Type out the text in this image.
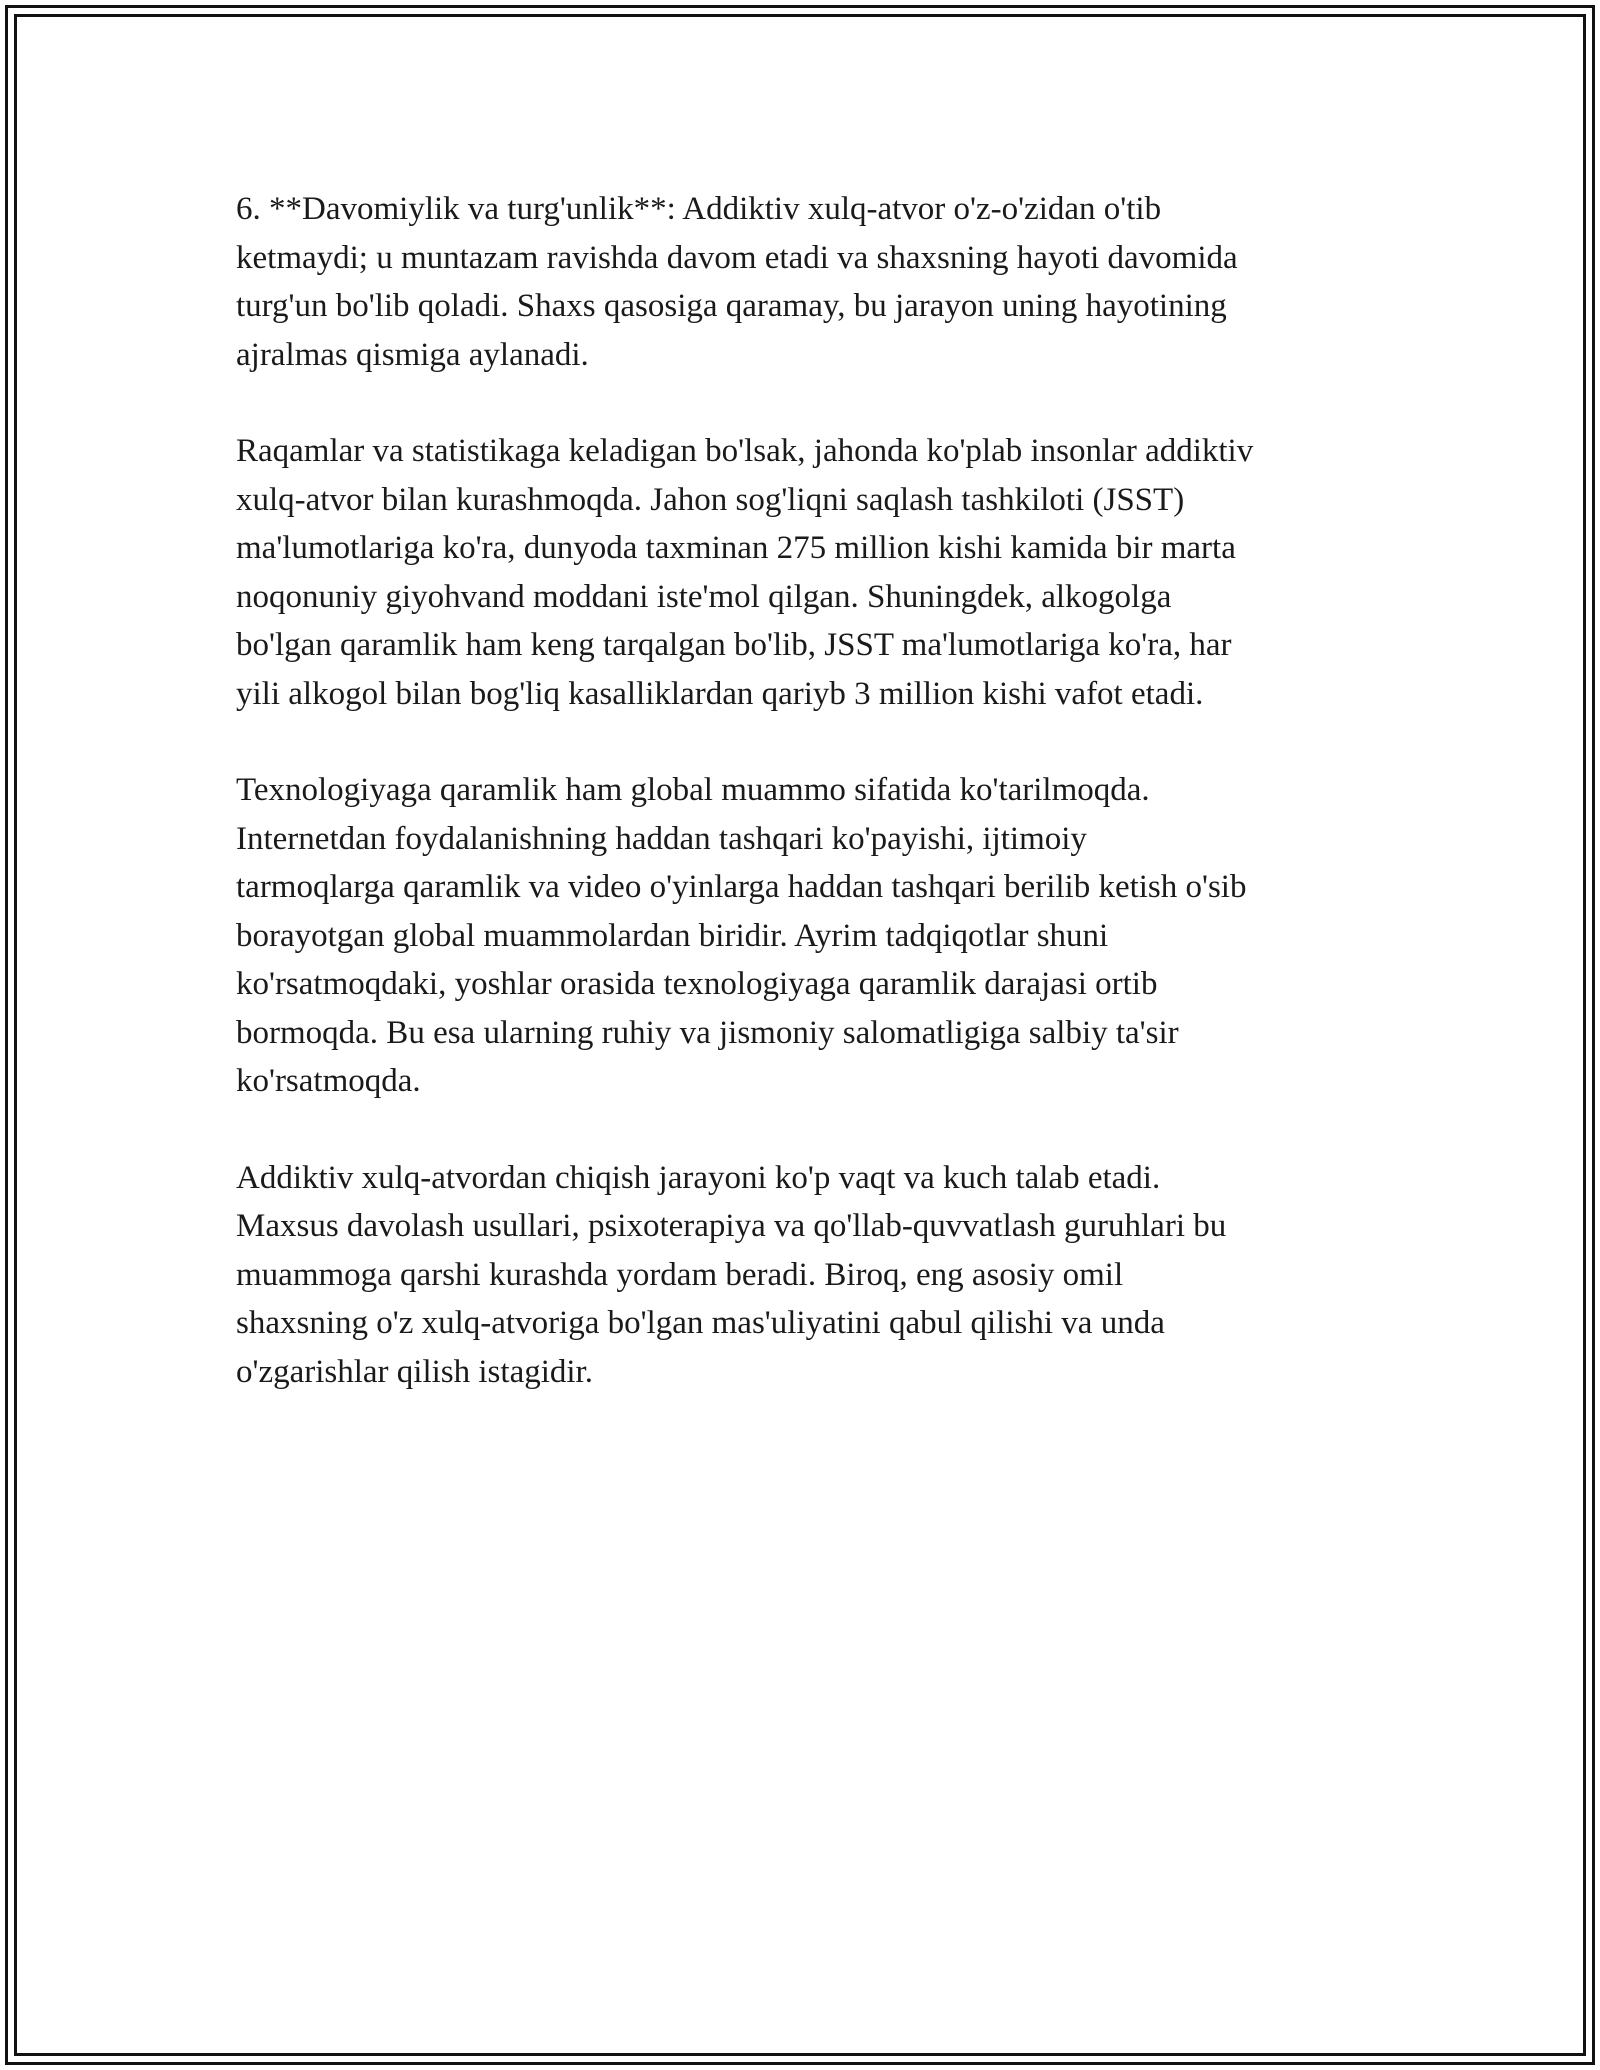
6. **Davomiylik va turg'unlik**: Addiktiv xulq-atvor o'z-o'zidan o'tib
ketmaydi; u muntazam ravishda davom etadi va shaxsning hayoti davomida
turg'un bo'lib qoladi. Shaxs qasosiga qaramay, bu jarayon uning hayotining
ajralmas qismiga aylanadi.

Raqamlar va statistikaga keladigan bo'lsak, jahonda ko'plab insonlar addiktiv
xulq-atvor bilan kurashmoqda. Jahon sog'liqni saqlash tashkiloti (JSST)
ma'lumotlariga ko'ra, dunyoda taxminan 275 million kishi kamida bir marta
noqonuniy giyohvand moddani iste'mol qilgan. Shuningdek, alkogolga
bo'lgan qaramlik ham keng tarqalgan bo'lib, JSST ma'lumotlariga ko'ra, har
yili alkogol bilan bog'liq kasalliklardan qariyb 3 million kishi vafot etadi.

Texnologiyaga qaramlik ham global muammo sifatida ko'tarilmoqda.
Internetdan foydalanishning haddan tashqari ko'payishi, ijtimoiy
tarmoqlarga qaramlik va video o'yinlarga haddan tashqari berilib ketish o'sib
borayotgan global muammolardan biridir. Ayrim tadqiqotlar shuni
ko'rsatmoqdaki, yoshlar orasida texnologiyaga qaramlik darajasi ortib
bormoqda. Bu esa ularning ruhiy va jismoniy salomatligiga salbiy ta'sir
ko'rsatmoqda.

Addiktiv xulq-atvordan chiqish jarayoni ko'p vaqt va kuch talab etadi.
Maxsus davolash usullari, psixoterapiya va qo'llab-quvvatlash guruhlari bu
muammoga qarshi kurashda yordam beradi. Biroq, eng asosiy omil
shaxsning o'z xulq-atvoriga bo'lgan mas'uliyatini qabul qilishi va unda
o'zgarishlar qilish istagidir.
